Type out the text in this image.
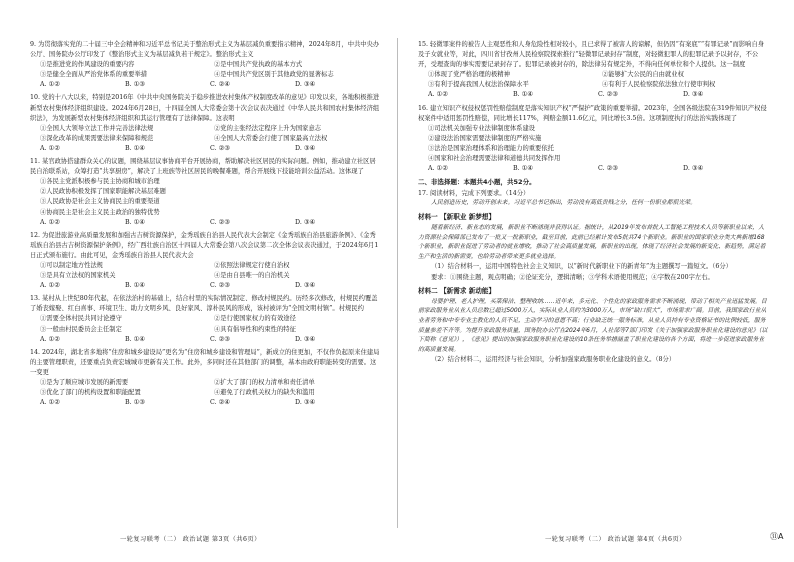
9. 为贯彻落实党的二十届三中全会精神和习近平总书记关于整治形式主义为基层减负重要指示精神，2024年8月，中共中央办公厅、国务院办公厅印发了《整治形式主义为基层减负若干规定》。整治形式主义
①是推进党的作风建设的重要内容	②是中国共产党执政的基本方式
③是健全全面从严治党体系的重要举措	④是中国共产党区别于其他政党的显著标志
A. ①②	B. ①③	C. ②④	D. ③④
10. 党的十八大以来，特别是2016年《中共中央国务院关于稳步推进农村集体产权制度改革的意见》印发以来，各地积极推进新型农村集体经济组织建设。2024年6月28日，十四届全国人大常委会第十次会议表决通过《中华人民共和国农村集体经济组织法》，为发展新型农村集体经济组织和其运行管理有了法律保障。这表明
①全国人大领导立法工作并完善法律法规	②党的主张经法定程序上升为国家意志
③深化改革的成果需要法律来保障和规范	④全国人大常委会行使了国家最高立法权
A. ①②	B. ①④	C. ②③	D. ③④
11. 某官政协搭建群众关心的议题，围绕基层议事协商平台开展协商，帮助解决社区居民的实际问题。例如，推动建立社区居民自治联系站，众筹打造“共享厨房”，解决了上班族等社区居民的晚餐难题，帮合开展线下技能培训公益活动。这体现了
①各民主党派积极参与民主协商和城市治理
②人民政协积极发挥了国家职能解决基层难题
③人民政协是社会主义协商民主的重要渠道
④协商民主是社会主义民主政治的独特优势
A. ①②	B. ①④	C. ②③	D. ③④
12. 为促进旅游业高质量发展和加强古吉树资源保护，金秀瑶族自治县人民代表大会制定《金秀瑶族自治县旅游条例》、《金秀瑶族自治县古吉树资源保护条例》，经广西壮族自治区十四届人大常委会第八次会议第二次全体会议表决通过，于2024年6月1日正式颁布施行。由此可见，金秀瑶族自治县人民代表大会
①可以制定地方性法规	②依照法律规定行使自治权
③是具有立法权的国家机关	④是由自县唯一的自治机关
A. ①②	B. ①④	C. ②③	D. ③④
13. 某村从上世纪80年代起，在依法治村的基础上，结合村里的实际情况制定、修改村规民约。历经多次修改，村规民约覆盖了婚丧嫁娶、红白喜事、环境卫生、助力文明乡风、良好家风、淳朴民风的形成，该村被评为“全国文明村镇”。村规民约
①需要全体村民共同讨论遵守	②是行使国家权力的有效途径
③一般由村民委员会主任制定	④具有倡导性和约束性的特征
A. ①②	B. ①④	C. ②③	D. ③④
14. 2024年，湖北省多地将“住房和城乡建设局”更名为“住房和城乡建设和管理局”，新成立的住更加，不仅作负起原来住建局的主要管理职责，还要重点负责宏城城市更新有关工作。此外，多同时还在其他部门的调整，基本由政府职能转变的需要。这一变更
①是为了顺应城市发展的新需要	②扩大了部门的权力清单和责任清单
③优化了部门的机构设置和职能配置	④避免了行政机关权力的缺失和滥用
A. ①②	B. ①③	C. ②④	D. ③④
15. 轻微罪案件的被告人主观恶性和人身危险性相对较小，且已求得了被害人的谅解，但仍因“有案底”“有罪记录”而影响自身及子女就业等，对此，四川省甘孜州人民检察院探索推行“轻微罪记录封存”制度，对轻微犯罪人的犯罪记录予以封存，不公开，受理查询的事实需要记录封存了。犯罪记录被封存的，除法律另有规定外，不得向任何单位和个人提供。这一制度
①体现了党严格治理的极精神	②能够扩大公民的自由就业权
③有利于提高我国人权法治保障水平	④有利于人民检察院依法独立行使审判权
A. ①②	B. ①④	C. ②③	D. ③④
16. 建立知识产权侵权惩罚性赔偿制度是落实知识产权“严保护”政策的重要举措。2023年，全国各级法院在319件知识产权侵权案件中适用惩罚性赔偿，同比增长117%，判赔金额11.6亿元，同比增长3.5倍。这项制度执行的法治实践体现了
①司法机关加强专业法律制度体系建设
②建设法治国家需要法律制度的严格实施
③法治是国家治理体系和治理能力的重要依托
④国家和社会治理需要法律和道德共同发挥作用
A. ①②	B. ①④	C. ②③	D. ③④
二、非选择题：本题共4小题，共52分。
17. 阅读材料，完成下列要求。（14分）
人民创造历史，劳动开创未来。习近平总书记指出，劳动没有高低贵贱之分，任何一份职业都很光荣。
材料一 【新职业 新梦想】
随着新经济、新业态的发展，新职业不断涌现并获得认证。据统计，从2019年发布首批人工智能工程技术人员等新职业以来，人力资源社会保障部已发布了一批又一批新职业，截至目前，此前已经累计发布5批共74个新职业。新职业的国家职业分类大典新增168个新职业，新职业促进了劳动者的就业增收，推动了社会高质量发展，新职业的出现，体现了经济社会发展的新变化、新趋势，满足着生产和生活的新需要，也给劳动者带来更多就业选择。
（1）结合材料一，运用中国特色社会主义知识，以“新时代新职业下的新青年”为主题撰写一篇短文。（6分）
要求：①围绕主题，观点明确；②论证充分，逻辑清晰；③学科术语使用规范；④字数在200字左右。
材料二 【新需求 新动能】
母婴护理、老人护理，买菜保洁、整理收纳……近年来，多元化、个性化的家政服务需求不断涌现，带动了相关产业迅猛发展。目前家政服务业从业人员总数已超过5000万人，实际从业人员约为3000万人，市场“缺口很大”，市场需求广阔。目前，我国家政行业从业者劳务和中专专业主教化的人员不足，主动学习的意愿不高；行业缺乏统一服务标准，从业人员持有专业资格证书的比例较低，服务质量参差不齐等。为提升家政服务质量，国务院办公厅在2024年6月，人社部等7部门印发《关于加强家政服务职业化建设的意见》（以下简称《意见》），《意见》提出的加强家政服务职业化建设的10条任务举措涵盖了职业化建设的各个方面，将进一步促进家政服务业的高质量发展。
（2）结合材料二，运用经济与社会知识，分析加强家政服务职业化建设的意义。（8分）
一轮复习联考（二） 政治试题 第3页（共6页）	一轮复习联考（二） 政治试题 第4页（共6页）	㉛A
